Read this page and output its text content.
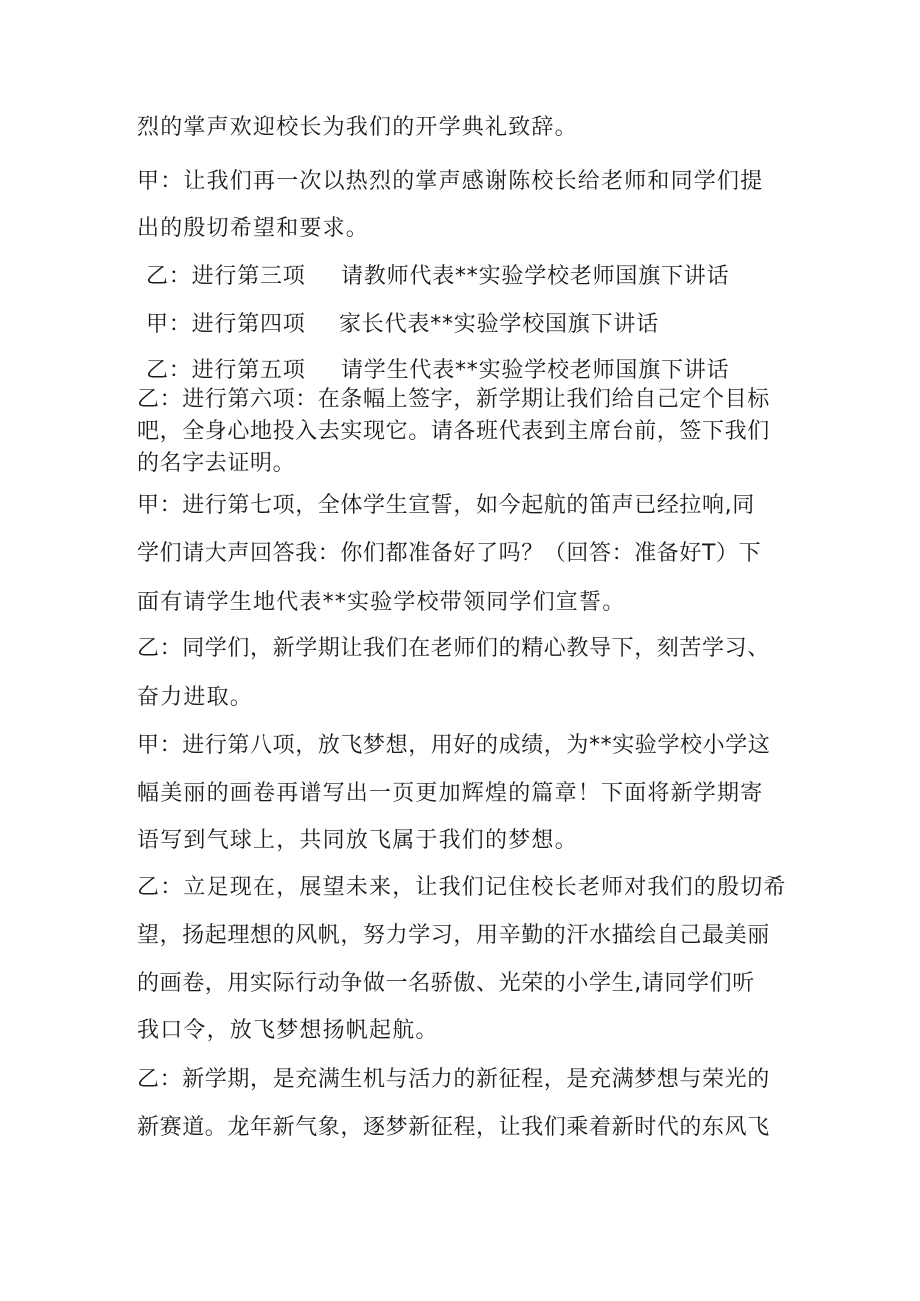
烈的掌声欢迎校长为我们的开学典礼致辞。
甲：让我们再一次以热烈的掌声感谢陈校长给老师和同学们提
出的殷切希望和要求。
乙：进行第三项 请教师代表**实验学校老师国旗下讲话
甲：进行第四项 家长代表**实验学校国旗下讲话
乙：进行第五项 请学生代表**实验学校老师国旗下讲话
乙：进行第六项：在条幅上签字，新学期让我们给自己定个目标
吧，全身心地投入去实现它。请各班代表到主席台前，签下我们
的名字去证明。
甲：进行第七项，全体学生宣誓，如今起航的笛声已经拉响,同
学们请大声回答我：你们都准备好了吗？（回答：准备好T）下
面有请学生地代表**实验学校带领同学们宣誓。
乙：同学们，新学期让我们在老师们的精心教导下，刻苦学习、
奋力进取。
甲：进行第八项，放飞梦想，用好的成绩，为**实验学校小学这
幅美丽的画卷再谱写出一页更加辉煌的篇章！下面将新学期寄
语写到气球上，共同放飞属于我们的梦想。
乙：立足现在，展望未来，让我们记住校长老师对我们的殷切希
望，扬起理想的风帆，努力学习，用辛勤的汗水描绘自己最美丽
的画卷，用实际行动争做一名骄傲、光荣的小学生,请同学们听
我口令，放飞梦想扬帆起航。
乙：新学期，是充满生机与活力的新征程，是充满梦想与荣光的
新赛道。龙年新气象，逐梦新征程，让我们乘着新时代的东风飞
